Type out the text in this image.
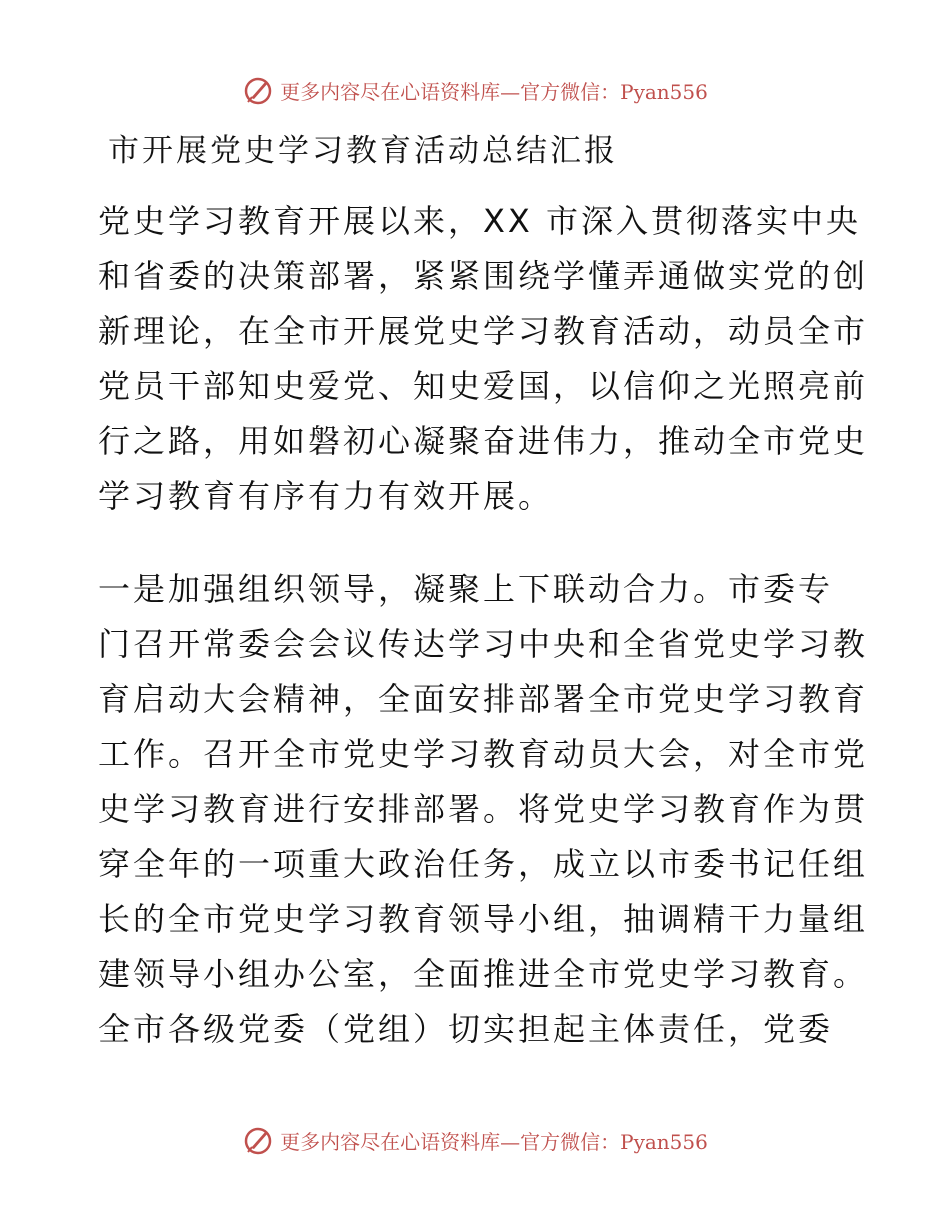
更多内容尽在心语资料库—官方微信：Pyan556
市开展党史学习教育活动总结汇报
党史学习教育开展以来，XX 市深入贯彻落实中央
和省委的决策部署，紧紧围绕学懂弄通做实党的创
新理论，在全市开展党史学习教育活动，动员全市
党员干部知史爱党、知史爱国，以信仰之光照亮前
行之路，用如磐初心凝聚奋进伟力，推动全市党史
学习教育有序有力有效开展。
一是加强组织领导，凝聚上下联动合力。市委专
门召开常委会会议传达学习中央和全省党史学习教
育启动大会精神，全面安排部署全市党史学习教育
工作。召开全市党史学习教育动员大会，对全市党
史学习教育进行安排部署。将党史学习教育作为贯
穿全年的一项重大政治任务，成立以市委书记任组
长的全市党史学习教育领导小组，抽调精干力量组
建领导小组办公室，全面推进全市党史学习教育。
全市各级党委（党组）切实担起主体责任，党委
更多内容尽在心语资料库—官方微信：Pyan556
